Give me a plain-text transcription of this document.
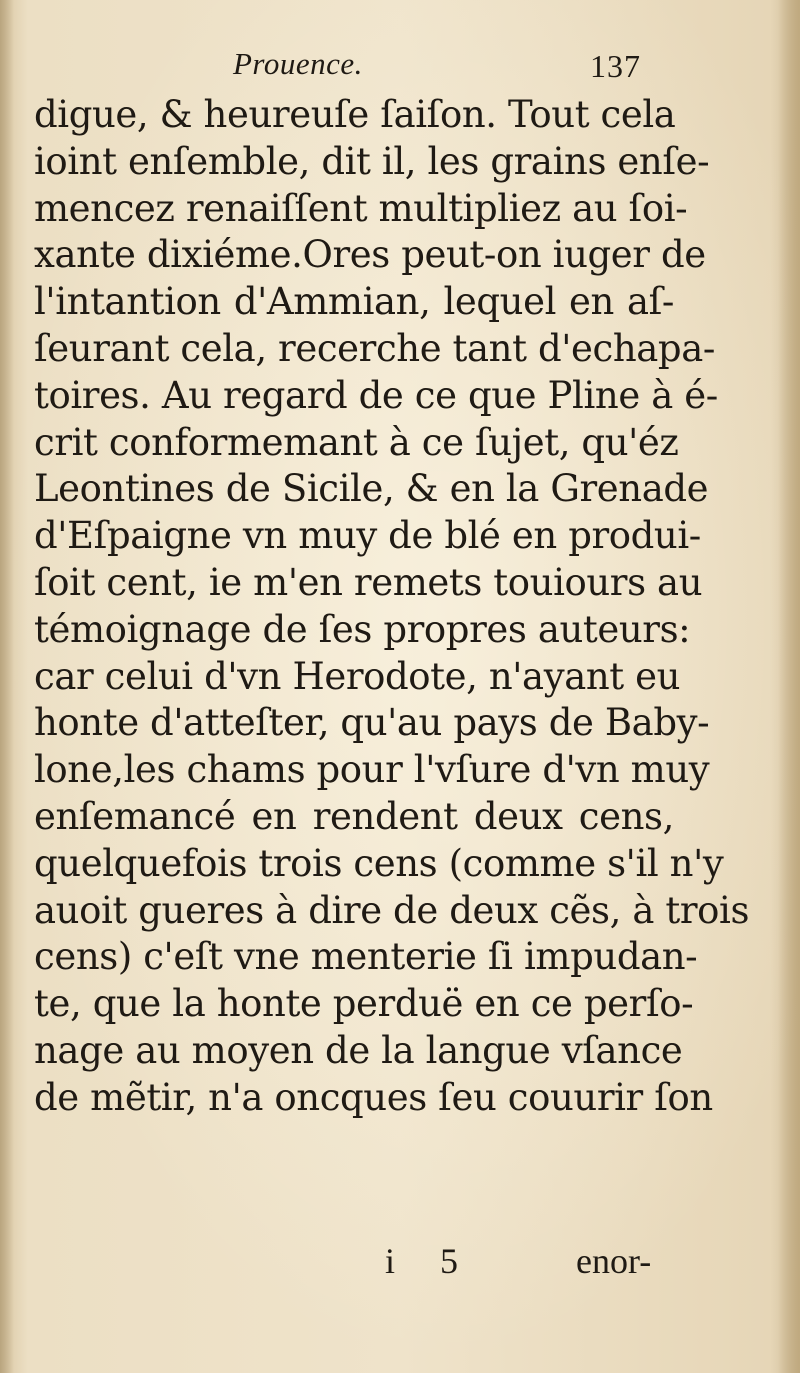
Prouence.	137
digue, & heureuſe ſaiſon. Tout cela
ioint enſemble, dit il, les grains enſe-
mencez renaiſſent multipliez au ſoi-
xante dixiéme.Ores peut-on iuger de
l'intantion d'Ammian, lequel en aſ-
ſeurant cela, recerche tant d'echapa-
toires. Au regard de ce que Pline à é-
crit conformemant à ce ſujet, qu'éz
Leontines de Sicile, & en la Grenade
d'Eſpaigne vn muy de blé en produi-
ſoit cent, ie m'en remets touiours au
témoignage de ſes propres auteurs:
car celui d'vn Herodote, n'ayant eu
honte d'atteſter, qu'au pays de Baby-
lone,les chams pour l'vſure d'vn muy
enſemancé en rendent deux cens,
quelquefois trois cens (comme s'il n'y
auoit gueres à dire de deux cẽs, à trois
cens) c'eſt vne menterie ſi impudan-
te, que la honte perduë en ce perſo-
nage au moyen de la langue vſance
de mẽtir, n'a oncques ſeu couurir ſon
i 5	enor-
